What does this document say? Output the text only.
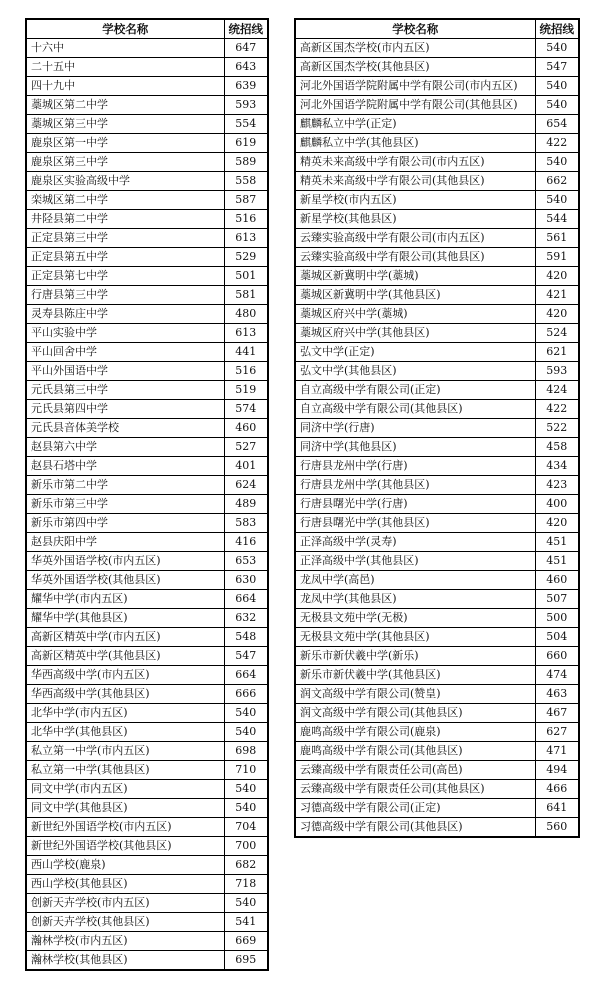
学校名称	统招线
十六中	647
二十五中	643
四十九中	639
藁城区第二中学	593
藁城区第三中学	554
鹿泉区第一中学	619
鹿泉区第三中学	589
鹿泉区实验高级中学	558
栾城区第二中学	587
井陉县第二中学	516
正定县第三中学	613
正定县第五中学	529
正定县第七中学	501
行唐县第三中学	581
灵寿县陈庄中学	480
平山实验中学	613
平山回舍中学	441
平山外国语中学	516
元氏县第三中学	519
元氏县第四中学	574
元氏县音体美学校	460
赵县第六中学	527
赵县石塔中学	401
新乐市第二中学	624
新乐市第三中学	489
新乐市第四中学	583
赵县庆阳中学	416
华英外国语学校(市内五区)	653
华英外国语学校(其他县区)	630
耀华中学(市内五区)	664
耀华中学(其他县区)	632
高新区精英中学(市内五区)	548
高新区精英中学(其他县区)	547
华西高级中学(市内五区)	664
华西高级中学(其他县区)	666
北华中学(市内五区)	540
北华中学(其他县区)	540
私立第一中学(市内五区)	698
私立第一中学(其他县区)	710
同文中学(市内五区)	540
同文中学(其他县区)	540
新世纪外国语学校(市内五区)	704
新世纪外国语学校(其他县区)	700
西山学校(鹿泉)	682
西山学校(其他县区)	718
创新天卉学校(市内五区)	540
创新天卉学校(其他县区)	541
瀚林学校(市内五区)	669
瀚林学校(其他县区)	695
学校名称	统招线
高新区国杰学校(市内五区)	540
高新区国杰学校(其他县区)	547
河北外国语学院附属中学有限公司(市内五区)	540
河北外国语学院附属中学有限公司(其他县区)	540
麒麟私立中学(正定)	654
麒麟私立中学(其他县区)	422
精英未来高级中学有限公司(市内五区)	540
精英未来高级中学有限公司(其他县区)	662
新星学校(市内五区)	540
新星学校(其他县区)	544
云臻实验高级中学有限公司(市内五区)	561
云臻实验高级中学有限公司(其他县区)	591
藁城区新冀明中学(藁城)	420
藁城区新冀明中学(其他县区)	421
藁城区府兴中学(藁城)	420
藁城区府兴中学(其他县区)	524
弘文中学(正定)	621
弘文中学(其他县区)	593
自立高级中学有限公司(正定)	424
自立高级中学有限公司(其他县区)	422
同济中学(行唐)	522
同济中学(其他县区)	458
行唐县龙州中学(行唐)	434
行唐县龙州中学(其他县区)	423
行唐县曙光中学(行唐)	400
行唐县曙光中学(其他县区)	420
正泽高级中学(灵寿)	451
正泽高级中学(其他县区)	451
龙凤中学(高邑)	460
龙凤中学(其他县区)	507
无极县文苑中学(无极)	500
无极县文苑中学(其他县区)	504
新乐市新伏羲中学(新乐)	660
新乐市新伏羲中学(其他县区)	474
润文高级中学有限公司(赞皇)	463
润文高级中学有限公司(其他县区)	467
鹿鸣高级中学有限公司(鹿泉)	627
鹿鸣高级中学有限公司(其他县区)	471
云臻高级中学有限责任公司(高邑)	494
云臻高级中学有限责任公司(其他县区)	466
习德高级中学有限公司(正定)	641
习德高级中学有限公司(其他县区)	560
